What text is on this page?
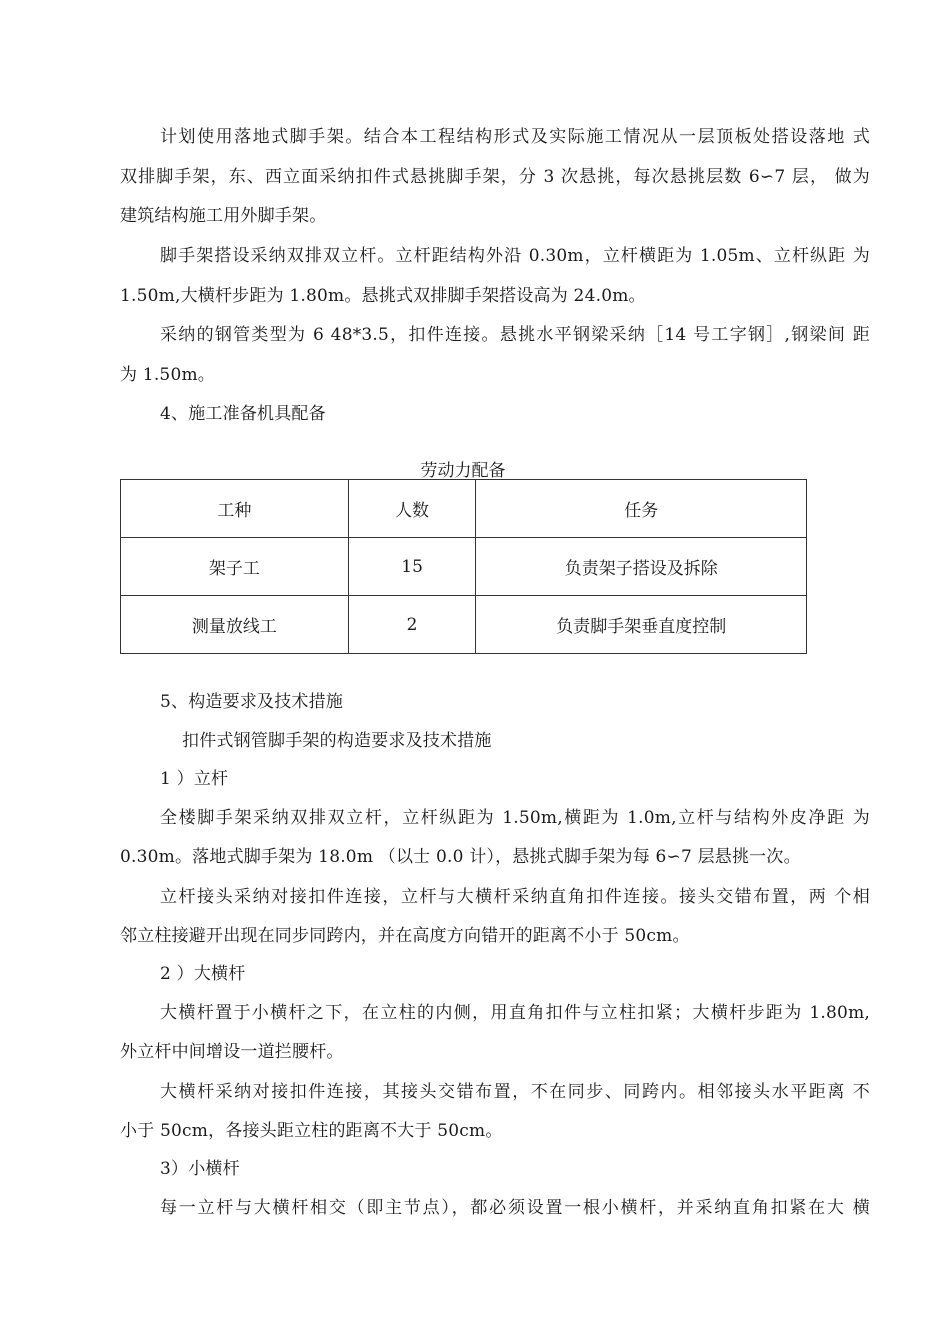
计划使用落地式脚手架。结合本工程结构形式及实际施工情况从一层顶板处搭设落地 式
双排脚手架，东、西立面采纳扣件式悬挑脚手架，分 3 次悬挑，每次悬挑层数 6∽7 层， 做为
建筑结构施工用外脚手架。
脚手架搭设采纳双排双立杆。立杆距结构外沿 0.30m，立杆横距为 1.05m、立杆纵距 为
1.50m,大横杆步距为 1.80m。悬挑式双排脚手架搭设高为 24.0m。
采纳的钢管类型为 6 48*3.5，扣件连接。悬挑水平钢梁采纳［14 号工字钢］,钢梁间 距
为 1.50m。
4、施工准备机具配备
劳动力配备
工种	人数	任务
架子工	15	负责架子搭设及拆除
测量放线工	2	负责脚手架垂直度控制
5、构造要求及技术措施
扣件式钢管脚手架的构造要求及技术措施
1 ）立杆
全楼脚手架采纳双排双立杆，立杆纵距为 1.50m,横距为 1.0m,立杆与结构外皮净距 为
0.30m。落地式脚手架为 18.0m （以士 0.0 计），悬挑式脚手架为每 6∽7 层悬挑一次。
立杆接头采纳对接扣件连接，立杆与大横杆采纳直角扣件连接。接头交错布置，两 个相
邻立柱接避开出现在同步同跨内，并在高度方向错开的距离不小于 50cm。
2 ）大横杆
大横杆置于小横杆之下，在立柱的内侧，用直角扣件与立柱扣紧；大横杆步距为 1.80m,
外立杆中间增设一道拦腰杆。
大横杆采纳对接扣件连接，其接头交错布置，不在同步、同跨内。相邻接头水平距离 不
小于 50cm，各接头距立柱的距离不大于 50cm。
3）小横杆
每一立杆与大横杆相交（即主节点），都必须设置一根小横杆，并采纳直角扣紧在大 横
